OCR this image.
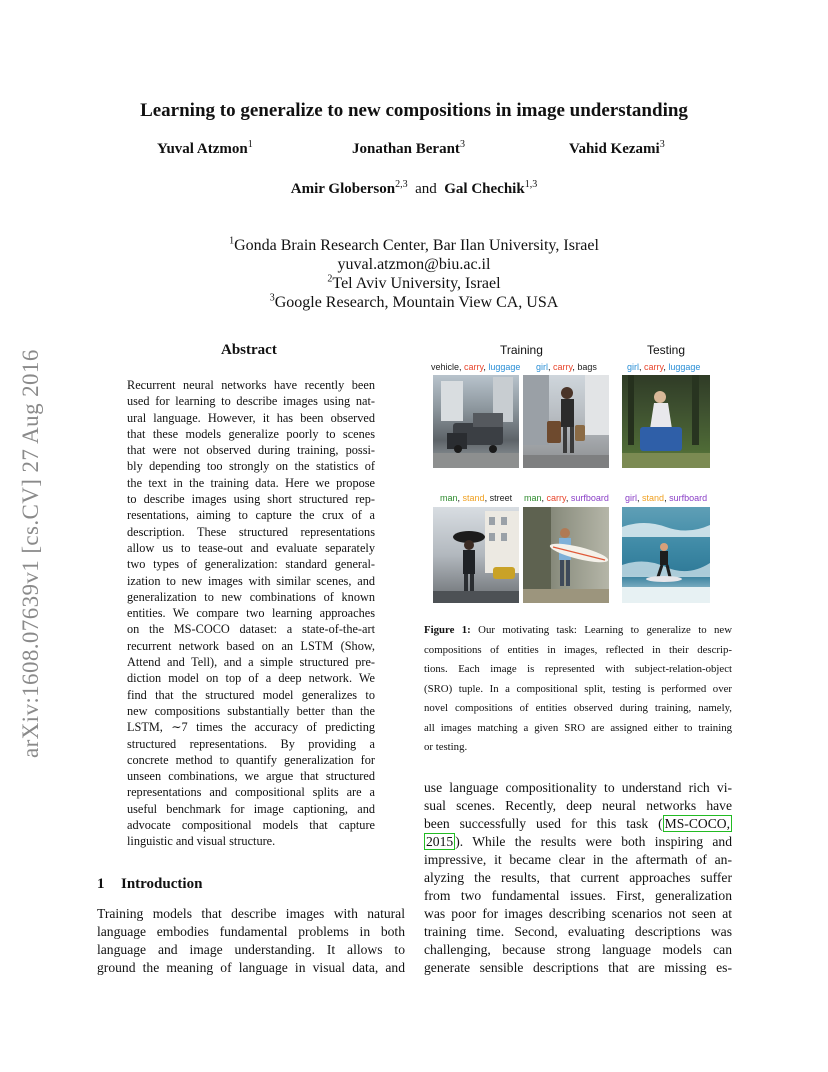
Learning to generalize to new compositions in image understanding
Yuval Atzmon$^1$	Jonathan Berant$^3$	Vahid Kezami$^3$
Amir Globerson$^{2,3}$ and Gal Chechik$^{1,3}$
$^1$Gonda Brain Research Center, Bar Ilan University, Israel
yuval.atzmon@biu.ac.il
$^2$Tel Aviv University, Israel
$^3$Google Research, Mountain View CA, USA
arXiv:1608.07639v1 [cs.CV] 27 Aug 2016	Abstract
Recurrent neural networks have recently been
used for learning to describe images using nat-
ural language. However, it has been observed
that these models generalize poorly to scenes
that were not observed during training, possi-
bly depending too strongly on the statistics of
the text in the training data. Here we propose
to describe images using short structured rep-
resentations, aiming to capture the crux of a
description. These structured representations
allow us to tease-out and evaluate separately
two types of generalization: standard general-
ization to new images with similar scenes, and
generalization to new combinations of known
entities. We compare two learning approaches
on the MS-COCO dataset: a state-of-the-art
recurrent network based on an LSTM (Show,
Attend and Tell), and a simple structured pre-
diction model on top of a deep network. We
find that the structured model generalizes to
new compositions substantially better than the
LSTM, ∼7 times the accuracy of predicting
structured representations. By providing a
concrete method to quantify generalization for
unseen combinations, we argue that structured
representations and compositional splits are a
useful benchmark for image captioning, and
advocate compositional models that capture
linguistic and visual structure.
1 Introduction
Training models that describe images with natural
language embodies fundamental problems in both
language and image understanding. It allows to
ground the meaning of language in visual data, and
use language compositionality to understand rich vi-
sual scenes. Recently, deep neural networks have
been successfully used for this task ( MS-COCO,
2015 ). While the results were both inspiring and
impressive, it became clear in the aftermath of an-
alyzing the results, that current approaches suffer
from two fundamental issues. First, generalization
was poor for images describing scenarios not seen at
training time. Second, evaluating descriptions was
challenging, because strong language models can
generate sensible descriptions that are missing es-
Training	Testing
vehicle, carry, luggage girl, carry, bags	girl, carry, luggage
man, stand, street man, carry, surfboard girl, stand, surfboard
Figure 1: Our motivating task: Learning to generalize to new
compositions of entities in images, reflected in their descrip-
tions. Each image is represented with subject-relation-object
(SRO) tuple. In a compositional split, testing is performed over
novel compositions of entities observed during training, namely,
all images matching a given SRO are assigned either to training
or testing.
